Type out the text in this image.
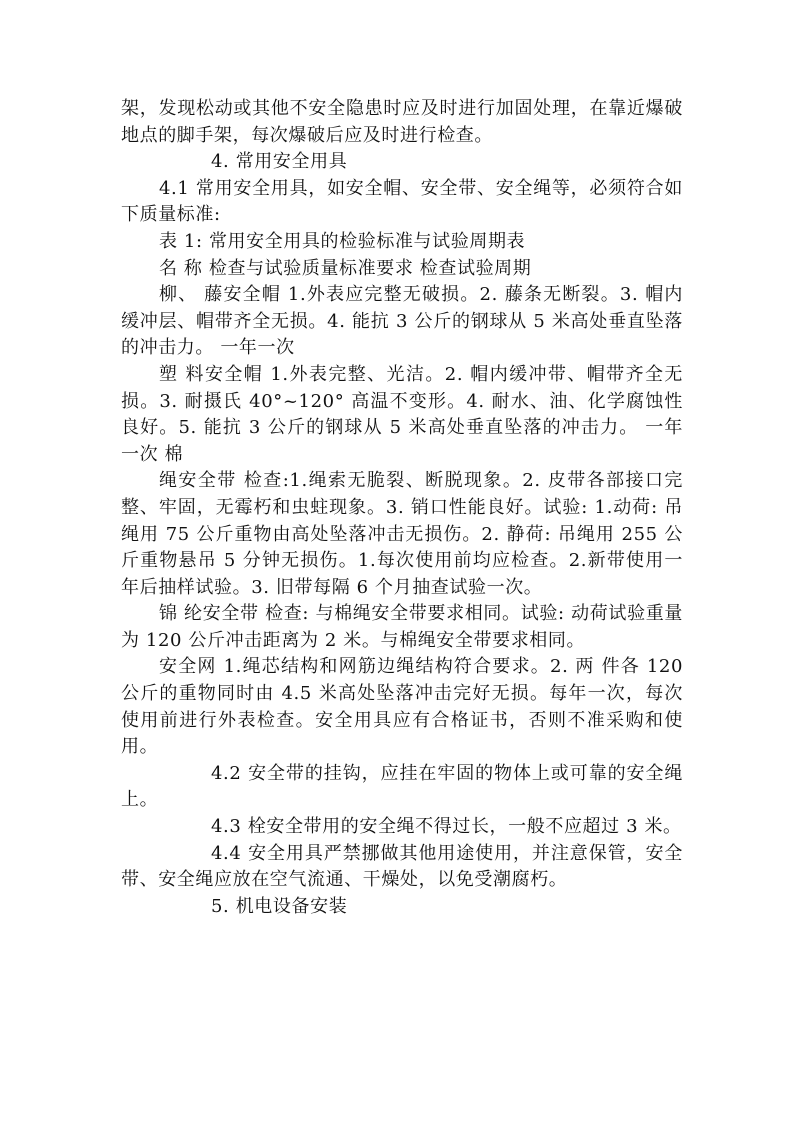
架，发现松动或其他不安全隐患时应及时进行加固处理，在靠近爆破地点的脚手架，每次爆破后应及时进行检查。

4. 常用安全用具

4.1 常用安全用具，如安全帽、安全带、安全绳等，必须符合如下质量标准:

表 1: 常用安全用具的检验标准与试验周期表

名 称 检查与试验质量标准要求 检查试验周期

柳、 藤安全帽 1.外表应完整无破损。2. 藤条无断裂。3. 帽内缓冲层、帽带齐全无损。4. 能抗 3 公斤的钢球从 5 米高处垂直坠落的冲击力。 一年一次

塑 料安全帽 1.外表完整、光洁。2. 帽内缓冲带、帽带齐全无损。3. 耐摄氏 40°~120° 高温不变形。4. 耐水、油、化学腐蚀性良好。5. 能抗 3 公斤的钢球从 5 米高处垂直坠落的冲击力。 一年一次 棉

绳安全带 检查:1.绳索无脆裂、断脱现象。2. 皮带各部接口完整、牢固，无霉朽和虫蛀现象。3. 销口性能良好。试验: 1.动荷: 吊绳用 75 公斤重物由高处坠落冲击无损伤。2. 静荷: 吊绳用 255 公斤重物悬吊 5 分钟无损伤。1.每次使用前均应检查。2.新带使用一年后抽样试验。3. 旧带每隔 6 个月抽查试验一次。

锦 纶安全带 检查: 与棉绳安全带要求相同。试验: 动荷试验重量为 120 公斤冲击距离为 2 米。与棉绳安全带要求相同。

安全网 1.绳芯结构和网筋边绳结构符合要求。2. 两 件各 120 公斤的重物同时由 4.5 米高处坠落冲击完好无损。每年一次，每次使用前进行外表检查。安全用具应有合格证书，否则不准采购和使用。

4.2 安全带的挂钩，应挂在牢固的物体上或可靠的安全绳上。

4.3 栓安全带用的安全绳不得过长，一般不应超过 3 米。

4.4 安全用具严禁挪做其他用途使用，并注意保管，安全带、安全绳应放在空气流通、干燥处，以免受潮腐朽。

5. 机电设备安装
